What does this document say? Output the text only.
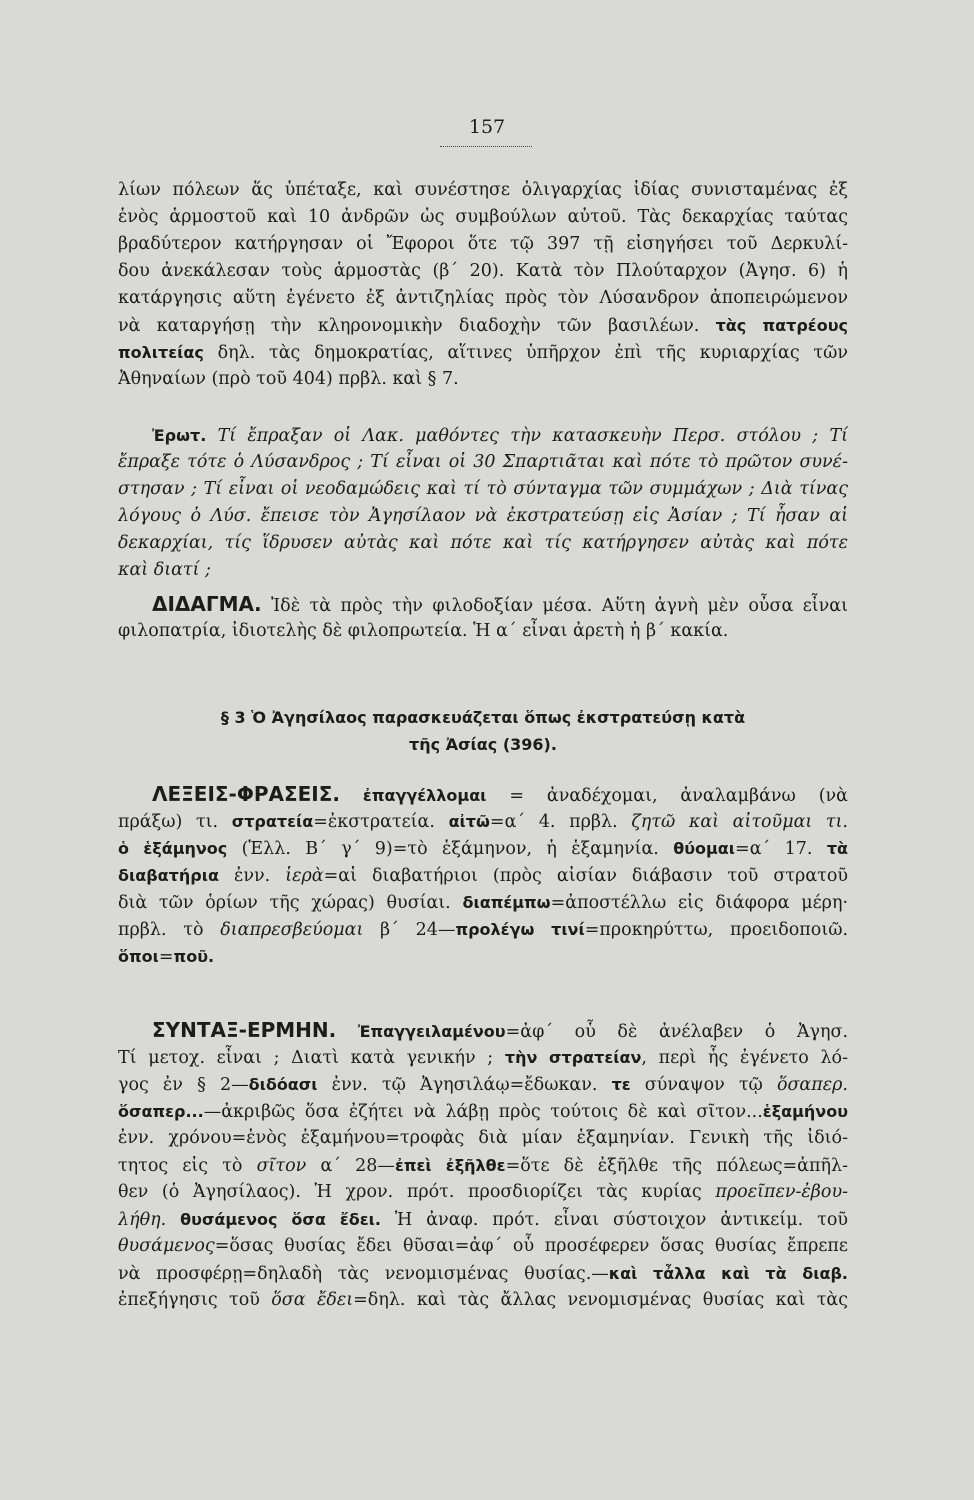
157
λίων πόλεων ἅς ὑπέταξε, καὶ συνέστησε ὀλιγαρχίας ἰδίας συνισταμένας ἐξ
ἑνὸς ἁρμοστοῦ καὶ 10 ἀνδρῶν ὡς συμβούλων αὐτοῦ. Τὰς δεκαρχίας ταύτας
βραδύτερον κατήργησαν οἱ Ἔφοροι ὅτε τῷ 397 τῇ εἰσηγήσει τοῦ Δερκυλί-
δου ἀνεκάλεσαν τοὺς ἁρμοστὰς (β΄ 20). Κατὰ τὸν Πλούταρχον (Ἀγησ. 6) ἡ
κατάργησις αὕτη ἐγένετο ἐξ ἀντιζηλίας πρὸς τὸν Λύσανδρον ἀποπειρώμενον
νὰ καταργήσῃ τὴν κληρονομικὴν διαδοχὴν τῶν βασιλέων. τὰς πατρέους
πολιτείας δηλ. τὰς δημοκρατίας, αἵτινες ὑπῆρχον ἐπὶ τῆς κυριαρχίας τῶν
Ἀθηναίων (πρὸ τοῦ 404) πρβλ. καὶ § 7.
Ἐρωτ. Τί ἔπραξαν οἱ Λακ. μαθόντες τὴν κατασκευὴν Περσ. στόλου ; Τί
ἔπραξε τότε ὁ Λύσανδρος ; Τί εἶναι οἱ 30 Σπαρτιᾶται καὶ πότε τὸ πρῶτον συνέ-
στησαν ; Τί εἶναι οἱ νεοδαμώδεις καὶ τί τὸ σύνταγμα τῶν συμμάχων ; Διὰ τίνας
λόγους ὁ Λύσ. ἔπεισε τὸν Ἀγησίλαον νὰ ἐκστρατεύσῃ εἰς Ἀσίαν ; Τί ἦσαν αἱ
δεκαρχίαι, τίς ἵδρυσεν αὐτὰς καὶ πότε καὶ τίς κατήργησεν αὐτὰς καὶ πότε
καὶ διατί ;
ΔΙΔΑΓΜΑ. Ἰδὲ τὰ πρὸς τὴν φιλοδοξίαν μέσα. Αὕτη ἁγνὴ μὲν οὖσα εἶναι
φιλοπατρία, ἰδιοτελὴς δὲ φιλοπρωτεία. Ἡ α΄ εἶναι ἀρετὴ ἡ β΄ κακία.
§ 3 Ὁ Ἀγησίλαος παρασκευάζεται ὅπως ἐκστρατεύσῃ κατὰ
τῆς Ἀσίας (396).
ΛΕΞΕΙΣ-ΦΡΑΣΕΙΣ. ἐπαγγέλλομαι = ἀναδέχομαι, ἀναλαμβάνω (νὰ
πράξω) τι. στρατεία=ἐκστρατεία. αἰτῶ=α΄ 4. πρβλ. ζητῶ καὶ αἰτοῦμαι τι.
ὁ ἑξάμηνος (Ἑλλ. Β΄ γ΄ 9)=τὸ ἑξάμηνον, ἡ ἑξαμηνία. θύομαι=α΄ 17. τὰ
διαβατήρια ἐνν. ἱερὰ=αἱ διαβατήριοι (πρὸς αἰσίαν διάβασιν τοῦ στρατοῦ
διὰ τῶν ὁρίων τῆς χώρας) θυσίαι. διαπέμπω=ἀποστέλλω εἰς διάφορα μέρη·
πρβλ. τὸ διαπρεσβεύομαι β΄ 24—προλέγω τινί=προκηρύττω, προειδοποιῶ.
ὅποι=ποῦ.
ΣΥΝΤΑΞ-ΕΡΜΗΝ. Ἐπαγγειλαμένου=ἀφ΄ οὗ δὲ ἀνέλαβεν ὁ Ἀγησ.
Τί μετοχ. εἶναι ; Διατὶ κατὰ γενικήν ; τὴν στρατείαν, περὶ ἧς ἐγένετο λό-
γος ἐν § 2—διδόασι ἐνν. τῷ Ἀγησιλάῳ=ἔδωκαν. τε σύναψον τῷ ὅσαπερ.
ὅσαπερ...—ἀκριβῶς ὅσα ἐζήτει νὰ λάβῃ πρὸς τούτοις δὲ καὶ σῖτον...ἑξαμήνου
ἐνν. χρόνου=ἑνὸς ἑξαμήνου=τροφὰς διὰ μίαν ἑξαμηνίαν. Γενικὴ τῆς ἰδιό-
τητος εἰς τὸ σῖτον α΄ 28—ἐπεὶ ἐξῆλθε=ὅτε δὲ ἐξῆλθε τῆς πόλεως=ἀπῆλ-
θεν (ὁ Ἀγησίλαος). Ἡ χρον. πρότ. προσδιορίζει τὰς κυρίας προεῖπεν-ἐβου-
λήθη. θυσάμενος ὅσα ἔδει. Ἡ ἀναφ. πρότ. εἶναι σύστοιχον ἀντικείμ. τοῦ
θυσάμενος=ὅσας θυσίας ἔδει θῦσαι=ἀφ΄ οὗ προσέφερεν ὅσας θυσίας ἔπρεπε
νὰ προσφέρῃ=δηλαδὴ τὰς νενομισμένας θυσίας.—καὶ τἆλλα καὶ τὰ διαβ.
ἐπεξήγησις τοῦ ὅσα ἔδει=δηλ. καὶ τὰς ἄλλας νενομισμένας θυσίας καὶ τὰς
